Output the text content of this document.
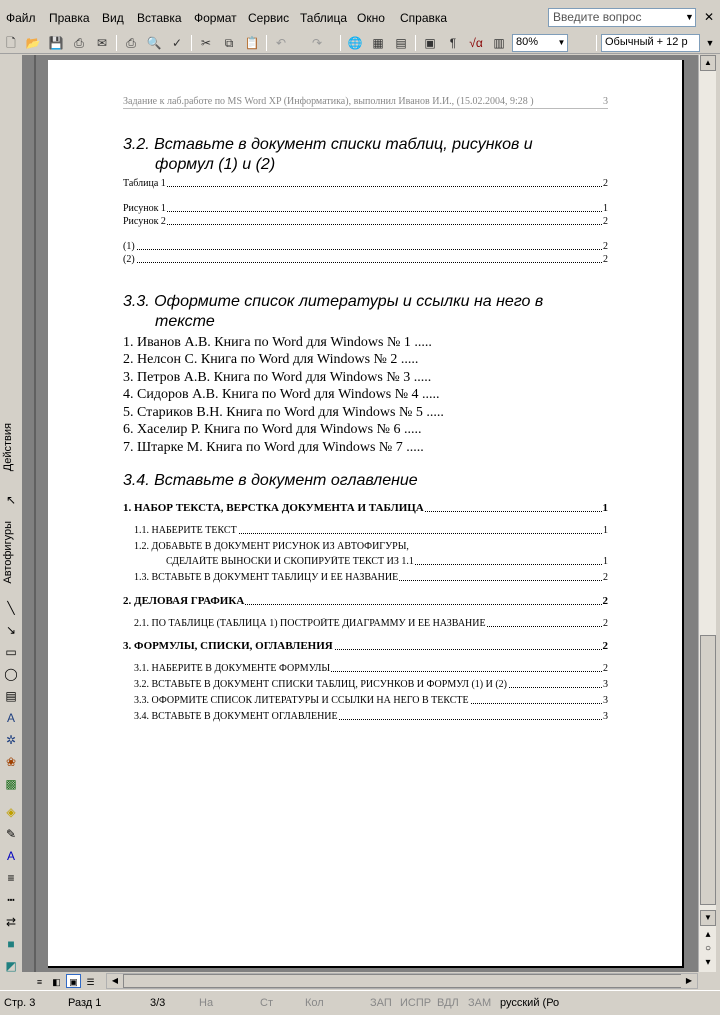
Файл Правка Вид Вставка Формат Сервис Таблица Окно Справка	Введите вопрос	▼ ✕
🗋 📂 💾 ⎙	✉	⎙ 🔍 ✓	✂	⧉ 📋	↶	↷	🌐 ▦ ▤ ▣	¶	√α ▥	80%	▼	Обычный + 12 р	▼
Действия
↖
Автофигуры
╲
↘
▭
◯
▤
A
✲
❀
▩
◈
✎
A
≡
┅
⇄
■
◩
Задание к лаб.работе по MS Word XP (Информатика), выполнил Иванов И.И., (15.02.2004, 9:28 )	3
3.2. Вставьте в документ списки таблиц, рисунков и
формул (1) и (2)
Таблица 1	2
Рисунок 1	1
Рисунок 2	2
(1)	2
(2)	2
3.3. Оформите список литературы и ссылки на него в
тексте
1. Иванов А.В. Книга по Word для Windows № 1 .....
2. Нелсон С. Книга по Word для Windows № 2 .....
3. Петров А.В. Книга по Word для Windows № 3 .....
4. Сидоров А.В. Книга по Word для Windows № 4 .....
5. Стариков В.Н. Книга по Word для Windows № 5 .....
6. Хаселир Р. Книга по Word для Windows № 6 .....
7. Штарке М. Книга по Word для Windows № 7 .....
3.4. Вставьте в документ оглавление
1. НАБОР ТЕКСТА, ВЕРСТКА ДОКУМЕНТА И ТАБЛИЦА	1
1.1. НАБЕРИТЕ ТЕКСТ	1
1.2. ДОБАВЬТЕ В ДОКУМЕНТ РИСУНОК ИЗ АВТОФИГУРЫ,
СДЕЛАЙТЕ ВЫНОСКИ И СКОПИРУЙТЕ ТЕКСТ ИЗ 1.1	1
1.3. ВСТАВЬТЕ В ДОКУМЕНТ ТАБЛИЦУ И ЕЕ НАЗВАНИЕ	2
2. ДЕЛОВАЯ ГРАФИКА	2
2.1. ПО ТАБЛИЦЕ (ТАБЛИЦА 1) ПОСТРОЙТЕ ДИАГРАММУ И ЕЕ НАЗВАНИЕ	2
3. ФОРМУЛЫ, СПИСКИ, ОГЛАВЛЕНИЯ	2
3.1. НАБЕРИТЕ В ДОКУМЕНТЕ ФОРМУЛЫ	2
3.2. ВСТАВЬТЕ В ДОКУМЕНТ СПИСКИ ТАБЛИЦ, РИСУНКОВ И ФОРМУЛ (1) И (2)	3
3.3. ОФОРМИТЕ СПИСОК ЛИТЕРАТУРЫ И ССЫЛКИ НА НЕГО В ТЕКСТЕ	3
3.4. ВСТАВЬТЕ В ДОКУМЕНТ ОГЛАВЛЕНИЕ	3
▲
▼
▴
○
▾
≡	◧ ▣ ☰	◀	▶
Стр. 3	Разд 1	3/3	На	Ст	Кол	ЗАП ИСПР ВДЛ ЗАМ русский (Ро
